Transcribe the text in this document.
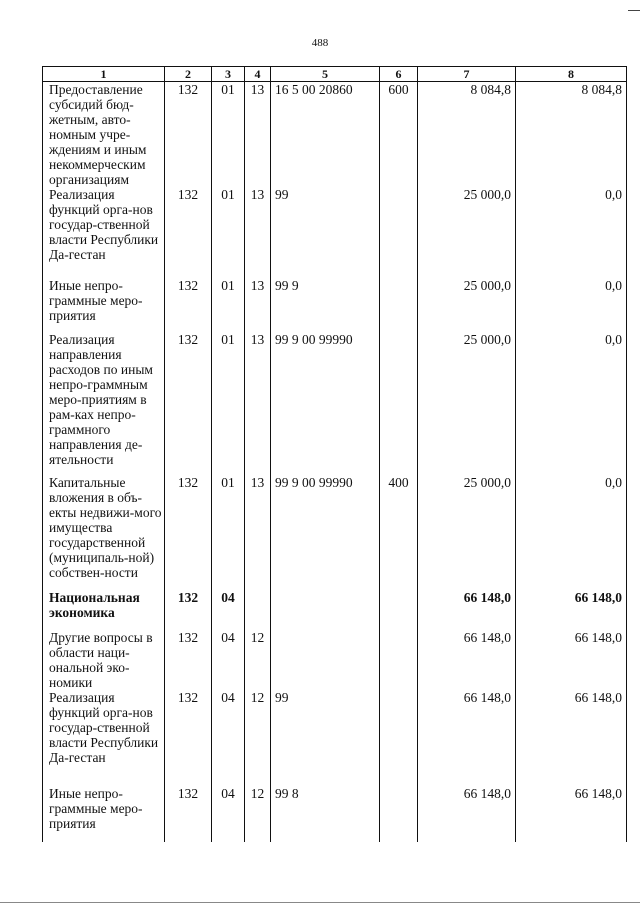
488
1	2	3	4	5	6	7	8
Предоставление субсидий бюд-жетным, авто-номным учре-ждениям и иным некоммерческим организациям	132	01	13	16 5 00 20860	600	8 084,8	8 084,8
Реализация функций орга-нов государ-ственной власти Республики Да-гестан	132	01	13	99		25 000,0	0,0
Иные непро-граммные меро-приятия	132	01	13	99 9		25 000,0	0,0
Реализация направления расходов по иным непро-граммным меро-приятиям в рам-ках непро-граммного направления де-ятельности	132	01	13	99 9 00 99990		25 000,0	0,0
Капитальные вложения в объ-екты недвижи-мого имущества государственной (муниципаль-ной) собствен-ности	132	01	13	99 9 00 99990	400	25 000,0	0,0
Национальная экономика	132	04				66 148,0	66 148,0
Другие вопросы в области наци-ональной эко-номики	132	04	12			66 148,0	66 148,0
Реализация функций орга-нов государ-ственной власти Республики Да-гестан	132	04	12	99		66 148,0	66 148,0
Иные непро-граммные меро-приятия	132	04	12	99 8		66 148,0	66 148,0
